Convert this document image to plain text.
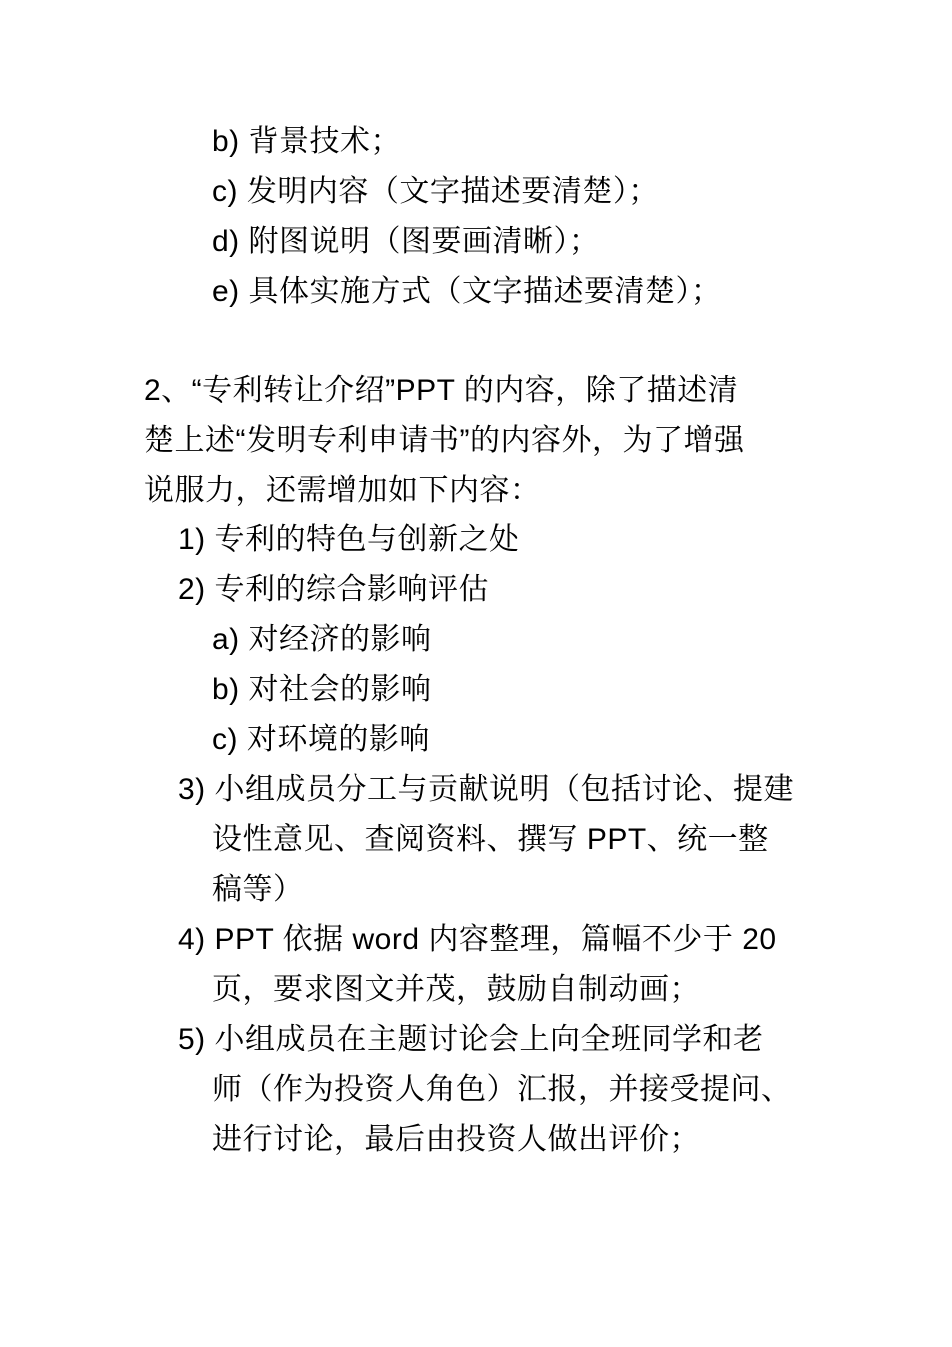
b) 背景技术；
c) 发明内容（文字描述要清楚）；
d) 附图说明（图要画清晰）；
e) 具体实施方式（文字描述要清楚）；
2、“专利转让介绍”PPT 的内容，除了描述清
楚上述“发明专利申请书”的内容外，为了增强
说服力，还需增加如下内容：
1) 专利的特色与创新之处
2) 专利的综合影响评估
a) 对经济的影响
b) 对社会的影响
c) 对环境的影响
3) 小组成员分工与贡献说明（包括讨论、提建
设性意见、查阅资料、撰写 PPT、统一整
稿等）
4) PPT 依据 word 内容整理，篇幅不少于 20
页，要求图文并茂，鼓励自制动画；
5) 小组成员在主题讨论会上向全班同学和老
师（作为投资人角色）汇报，并接受提问、
进行讨论，最后由投资人做出评价；
